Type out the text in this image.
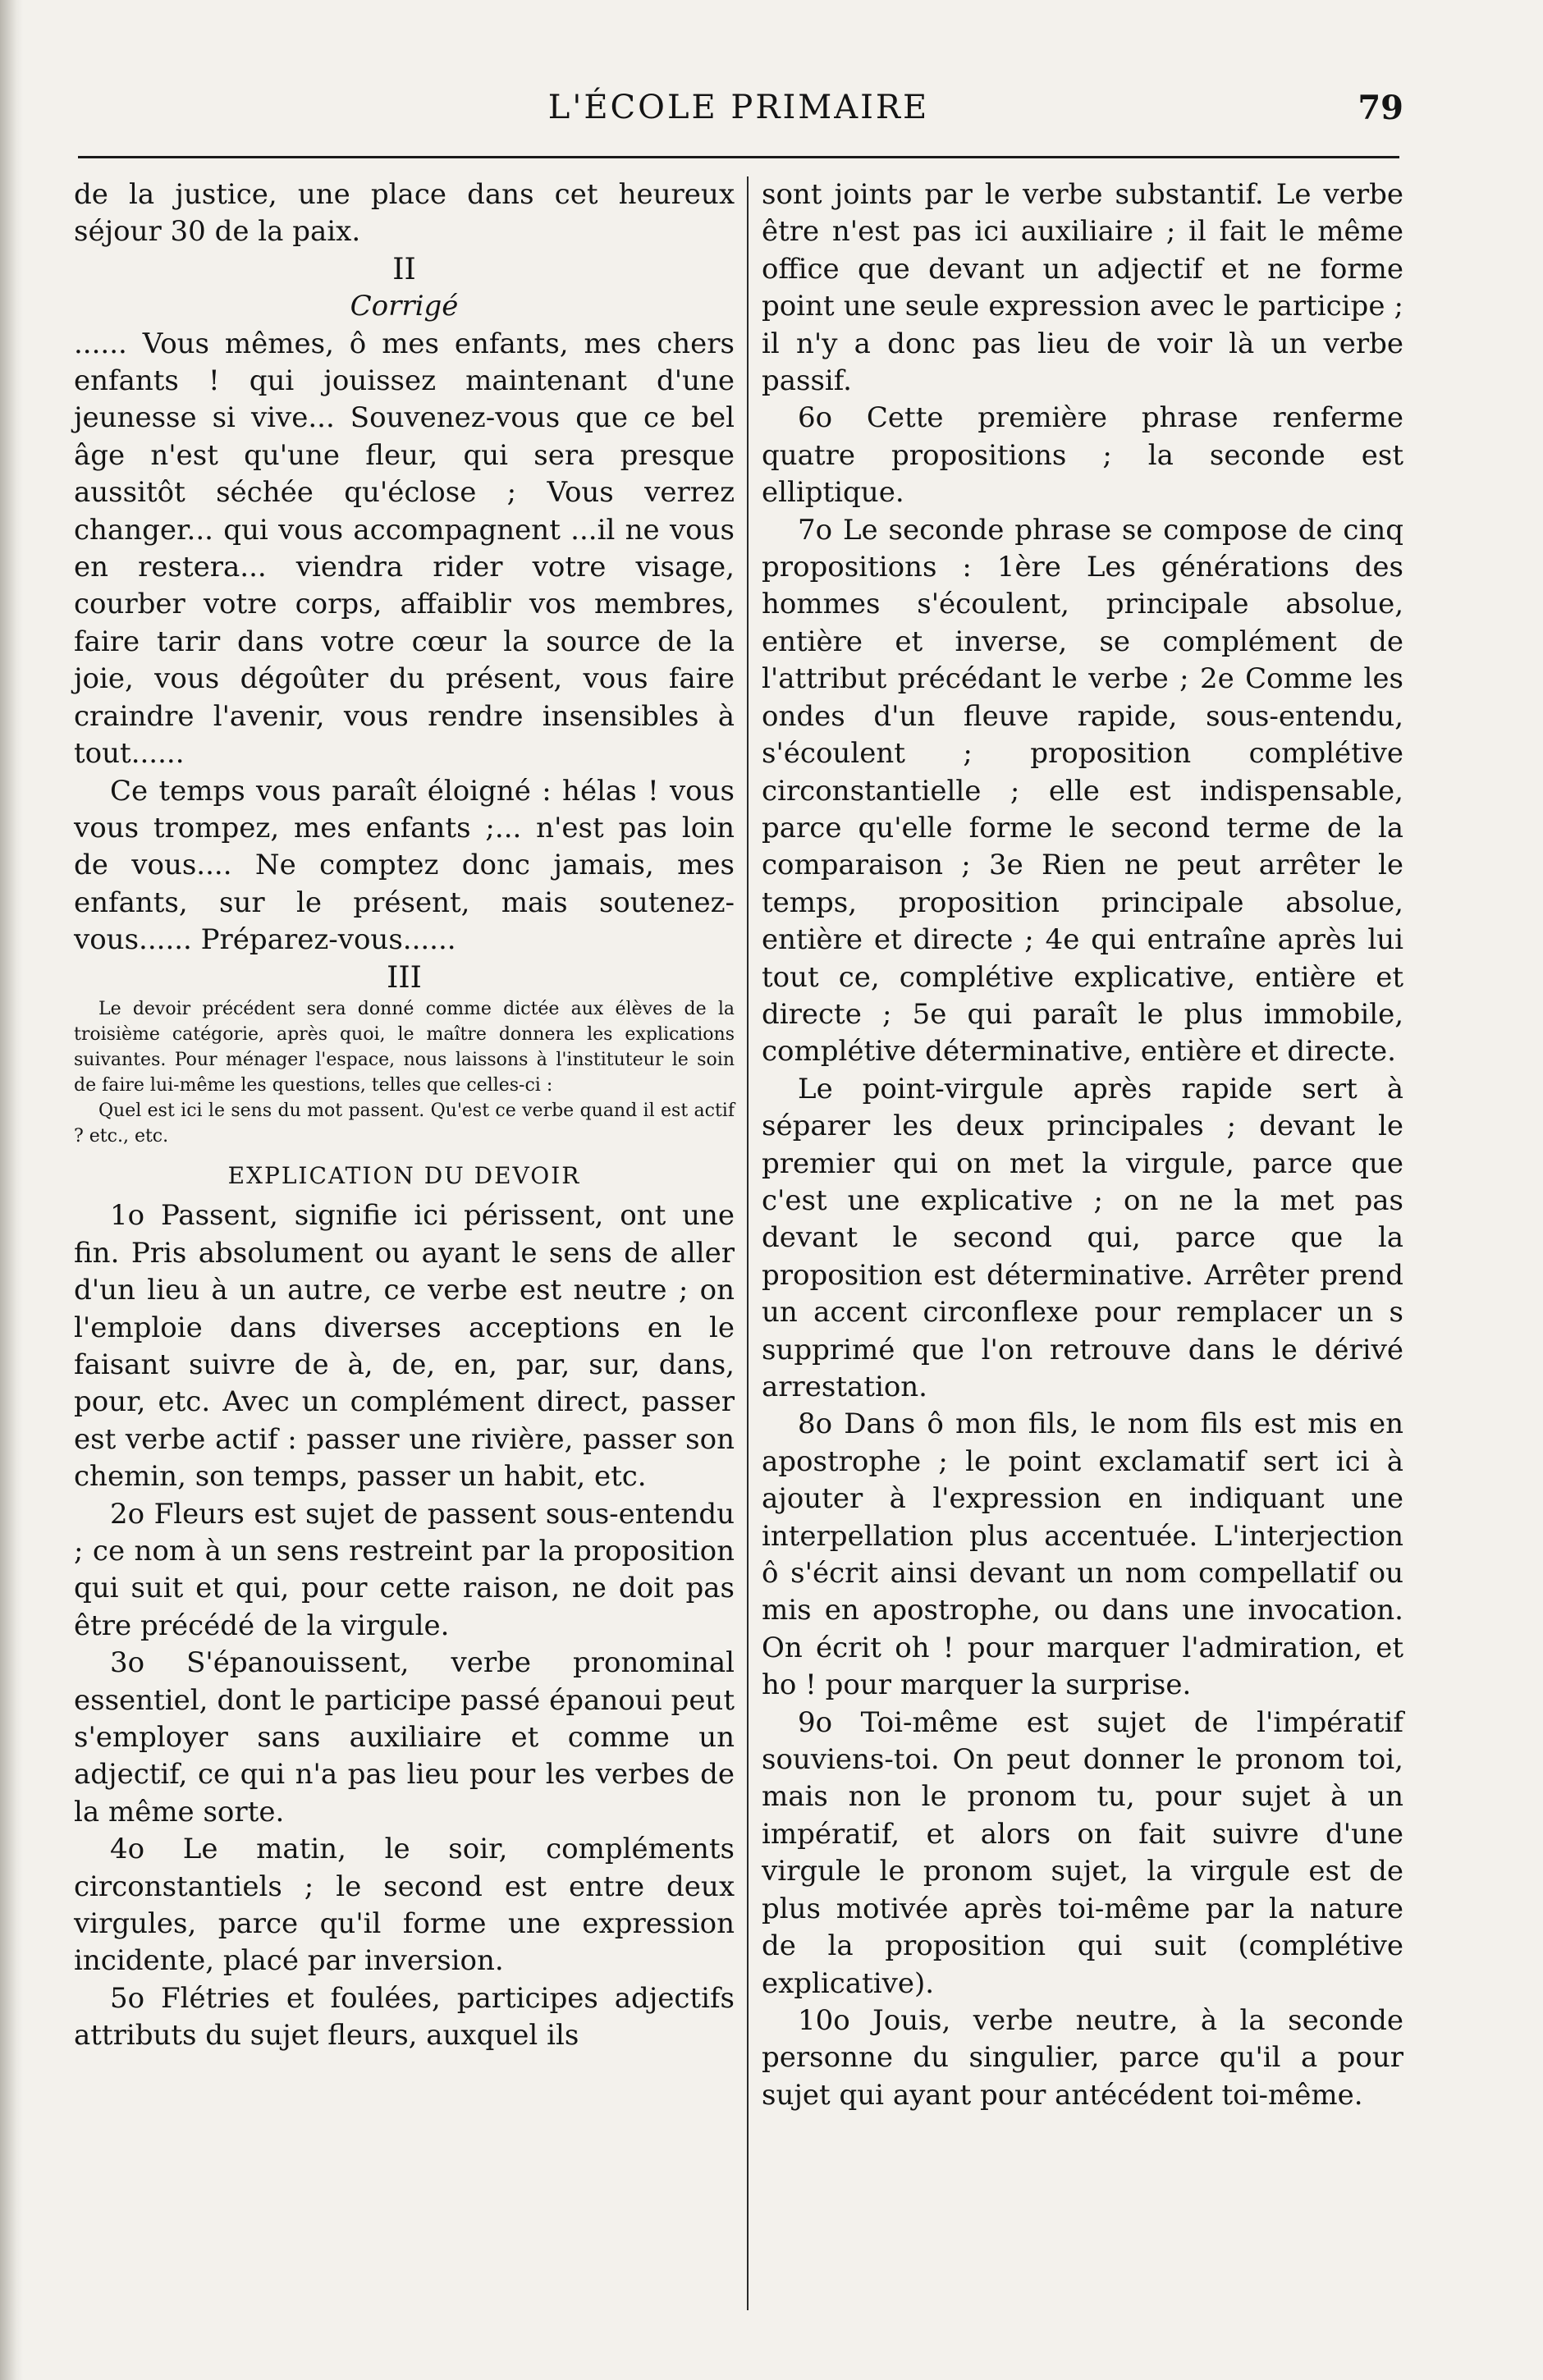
L'ÉCOLE PRIMAIRE	79

de la justice, une place dans cet heureux séjour 30 de la paix.

II

Corrigé

...... Vous mêmes, ô mes enfants, mes chers enfants ! qui jouissez maintenant d'une jeunesse si vive... Souvenez-vous que ce bel âge n'est qu'une fleur, qui sera presque aussitôt séchée qu'éclose ; Vous verrez changer... qui vous accompagnent ...il ne vous en restera... viendra rider votre visage, courber votre corps, affaiblir vos membres, faire tarir dans votre cœur la source de la joie, vous dégoûter du présent, vous faire craindre l'avenir, vous rendre insensibles à tout......

Ce temps vous paraît éloigné : hélas ! vous vous trompez, mes enfants ;... n'est pas loin de vous.... Ne comptez donc jamais, mes enfants, sur le présent, mais soutenez-vous...... Préparez-vous......

III

Le devoir précédent sera donné comme dictée aux élèves de la troisième catégorie, après quoi, le maître donnera les explications suivantes. Pour ménager l'espace, nous laissons à l'instituteur le soin de faire lui-même les questions, telles que celles-ci :

Quel est ici le sens du mot passent. Qu'est ce verbe quand il est actif ? etc., etc.

EXPLICATION DU DEVOIR

1o Passent, signifie ici périssent, ont une fin. Pris absolument ou ayant le sens de aller d'un lieu à un autre, ce verbe est neutre ; on l'emploie dans diverses acceptions en le faisant suivre de à, de, en, par, sur, dans, pour, etc. Avec un complément direct, passer est verbe actif : passer une rivière, passer son chemin, son temps, passer un habit, etc.

2o Fleurs est sujet de passent sous-entendu ; ce nom à un sens restreint par la proposition qui suit et qui, pour cette raison, ne doit pas être précédé de la virgule.

3o S'épanouissent, verbe pronominal essentiel, dont le participe passé épanoui peut s'employer sans auxiliaire et comme un adjectif, ce qui n'a pas lieu pour les verbes de la même sorte.

4o Le matin, le soir, compléments circonstantiels ; le second est entre deux virgules, parce qu'il forme une expression incidente, placé par inversion.

5o Flétries et foulées, participes adjectifs attributs du sujet fleurs, auxquel ils

sont joints par le verbe substantif. Le verbe être n'est pas ici auxiliaire ; il fait le même office que devant un adjectif et ne forme point une seule expression avec le participe ; il n'y a donc pas lieu de voir là un verbe passif.

6o Cette première phrase renferme quatre propositions ; la seconde est elliptique.

7o Le seconde phrase se compose de cinq propositions : 1ère Les générations des hommes s'écoulent, principale absolue, entière et inverse, se complément de l'attribut précédant le verbe ; 2e Comme les ondes d'un fleuve rapide, sous-entendu, s'écoulent ; proposition complétive circonstantielle ; elle est indispensable, parce qu'elle forme le second terme de la comparaison ; 3e Rien ne peut arrêter le temps, proposition principale absolue, entière et directe ; 4e qui entraîne après lui tout ce, complétive explicative, entière et directe ; 5e qui paraît le plus immobile, complétive déterminative, entière et directe.

Le point-virgule après rapide sert à séparer les deux principales ; devant le premier qui on met la virgule, parce que c'est une explicative ; on ne la met pas devant le second qui, parce que la proposition est déterminative. Arrêter prend un accent circonflexe pour remplacer un s supprimé que l'on retrouve dans le dérivé arrestation.

8o Dans ô mon fils, le nom fils est mis en apostrophe ; le point exclamatif sert ici à ajouter à l'expression en indiquant une interpellation plus accentuée. L'interjection ô s'écrit ainsi devant un nom compellatif ou mis en apostrophe, ou dans une invocation. On écrit oh ! pour marquer l'admiration, et ho ! pour marquer la surprise.

9o Toi-même est sujet de l'impératif souviens-toi. On peut donner le pronom toi, mais non le pronom tu, pour sujet à un impératif, et alors on fait suivre d'une virgule le pronom sujet, la virgule est de plus motivée après toi-même par la nature de la proposition qui suit (complétive explicative).

10o Jouis, verbe neutre, à la seconde personne du singulier, parce qu'il a pour sujet qui ayant pour antécédent toi-même.
